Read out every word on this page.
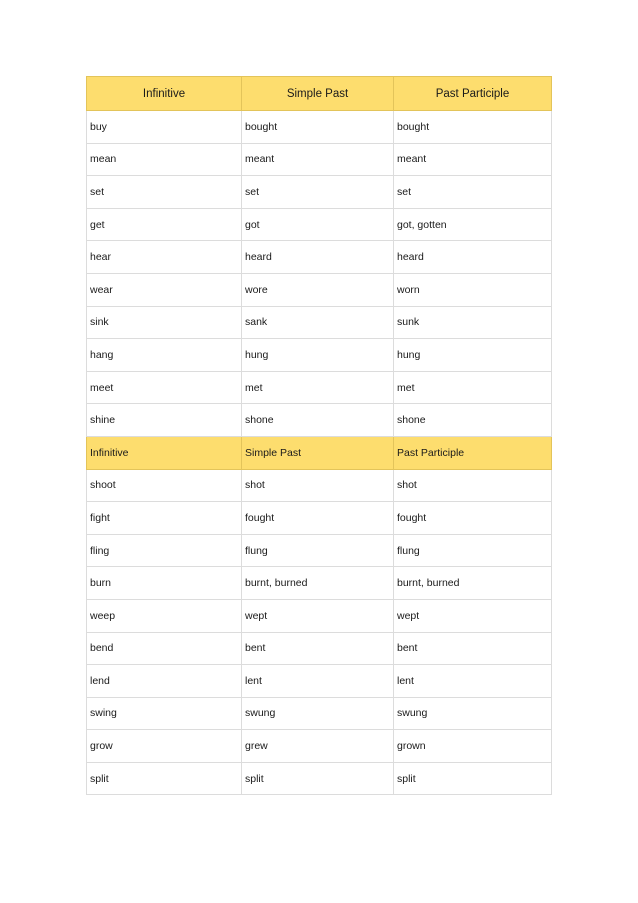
Infinitive	Simple Past	Past Participle
buy	bought	bought
mean	meant	meant
set	set	set
get	got	got, gotten
hear	heard	heard
wear	wore	worn
sink	sank	sunk
hang	hung	hung
meet	met	met
shine	shone	shone
Infinitive	Simple Past	Past Participle
shoot	shot	shot
fight	fought	fought
fling	flung	flung
burn	burnt, burned	burnt, burned
weep	wept	wept
bend	bent	bent
lend	lent	lent
swing	swung	swung
grow	grew	grown
split	split	split
